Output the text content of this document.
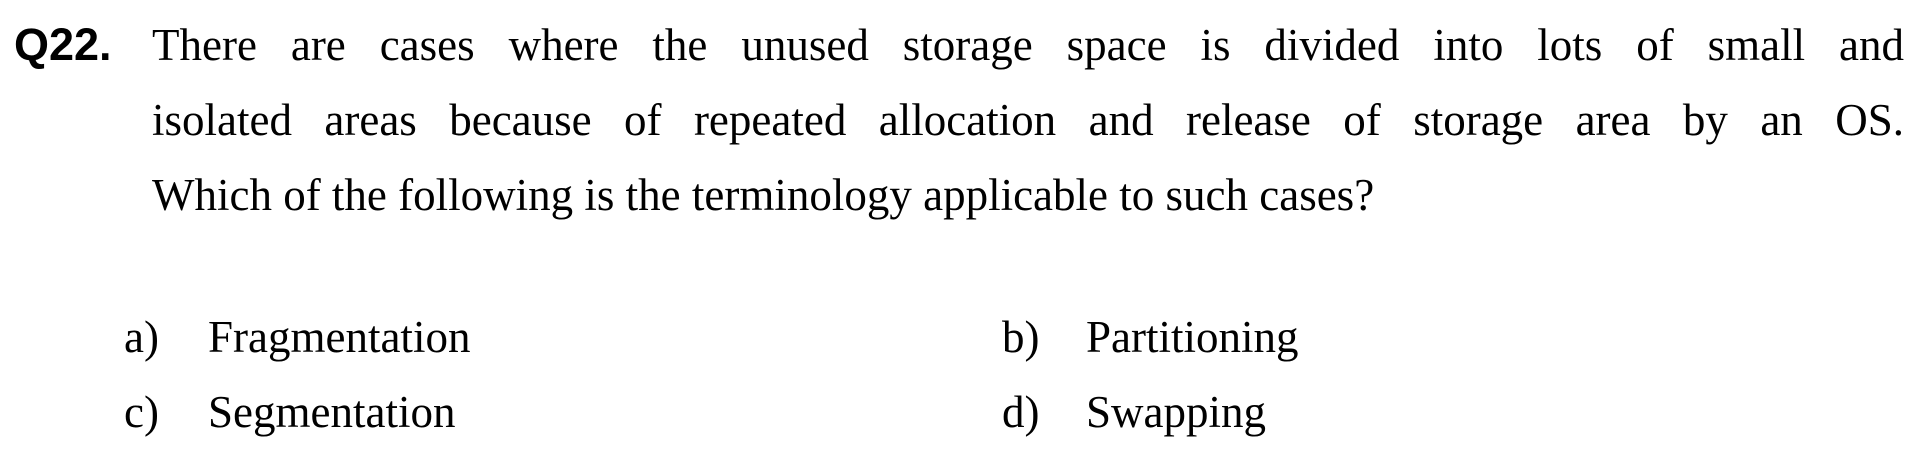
Q22. There are cases where the unused storage space is divided into lots of small and
isolated areas because of repeated allocation and release of storage area by an OS.
Which of the following is the terminology applicable to such cases?
a) Fragmentation	b) Partitioning
c) Segmentation	d) Swapping
